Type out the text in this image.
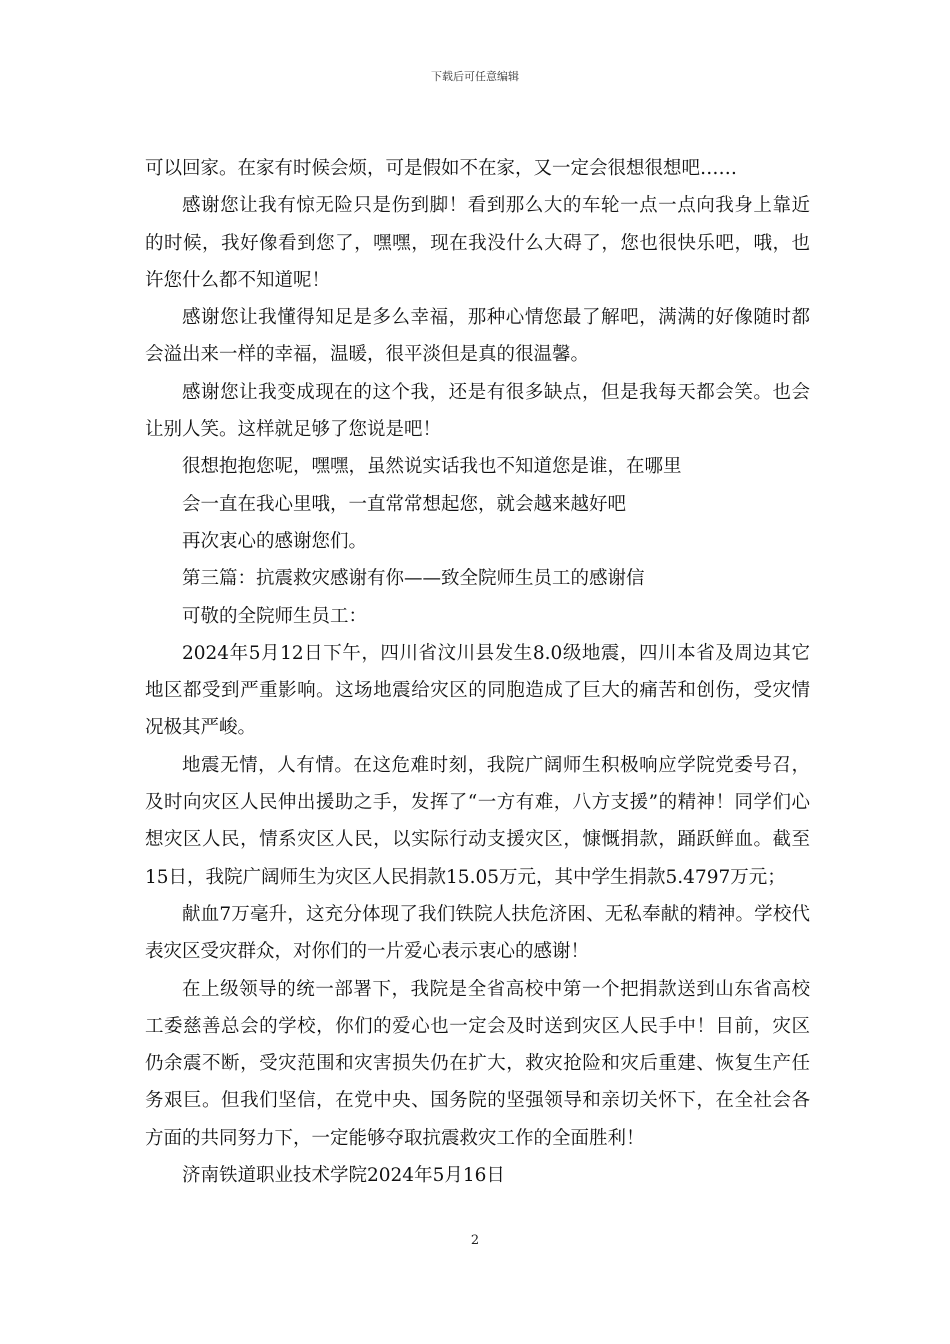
下载后可任意编辑

可以回家。在家有时候会烦，可是假如不在家，又一定会很想很想吧……

感谢您让我有惊无险只是伤到脚！看到那么大的车轮一点一点向我身上靠近的时候，我好像看到您了，嘿嘿，现在我没什么大碍了，您也很快乐吧，哦，也许您什么都不知道呢！

感谢您让我懂得知足是多么幸福，那种心情您最了解吧，满满的好像随时都会溢出来一样的幸福，温暖，很平淡但是真的很温馨。

感谢您让我变成现在的这个我，还是有很多缺点，但是我每天都会笑。也会让别人笑。这样就足够了您说是吧！

很想抱抱您呢，嘿嘿，虽然说实话我也不知道您是谁，在哪里

会一直在我心里哦，一直常常想起您，就会越来越好吧

再次衷心的感谢您们。

第三篇：抗震救灾感谢有你——致全院师生员工的感谢信

可敬的全院师生员工：

2024年5月12日下午，四川省汶川县发生8.0级地震，四川本省及周边其它地区都受到严重影响。这场地震给灾区的同胞造成了巨大的痛苦和创伤，受灾情况极其严峻。

地震无情，人有情。在这危难时刻，我院广阔师生积极响应学院党委号召，及时向灾区人民伸出援助之手，发挥了“一方有难，八方支援”的精神！同学们心想灾区人民，情系灾区人民，以实际行动支援灾区，慷慨捐款，踊跃鲜血。截至15日，我院广阔师生为灾区人民捐款15.05万元，其中学生捐款5.4797万元；

献血7万毫升，这充分体现了我们铁院人扶危济困、无私奉献的精神。学校代表灾区受灾群众，对你们的一片爱心表示衷心的感谢！

在上级领导的统一部署下，我院是全省高校中第一个把捐款送到山东省高校工委慈善总会的学校，你们的爱心也一定会及时送到灾区人民手中！目前，灾区仍余震不断，受灾范围和灾害损失仍在扩大，救灾抢险和灾后重建、恢复生产任务艰巨。但我们坚信，在党中央、国务院的坚强领导和亲切关怀下，在全社会各方面的共同努力下，一定能够夺取抗震救灾工作的全面胜利！

济南铁道职业技术学院2024年5月16日

2
